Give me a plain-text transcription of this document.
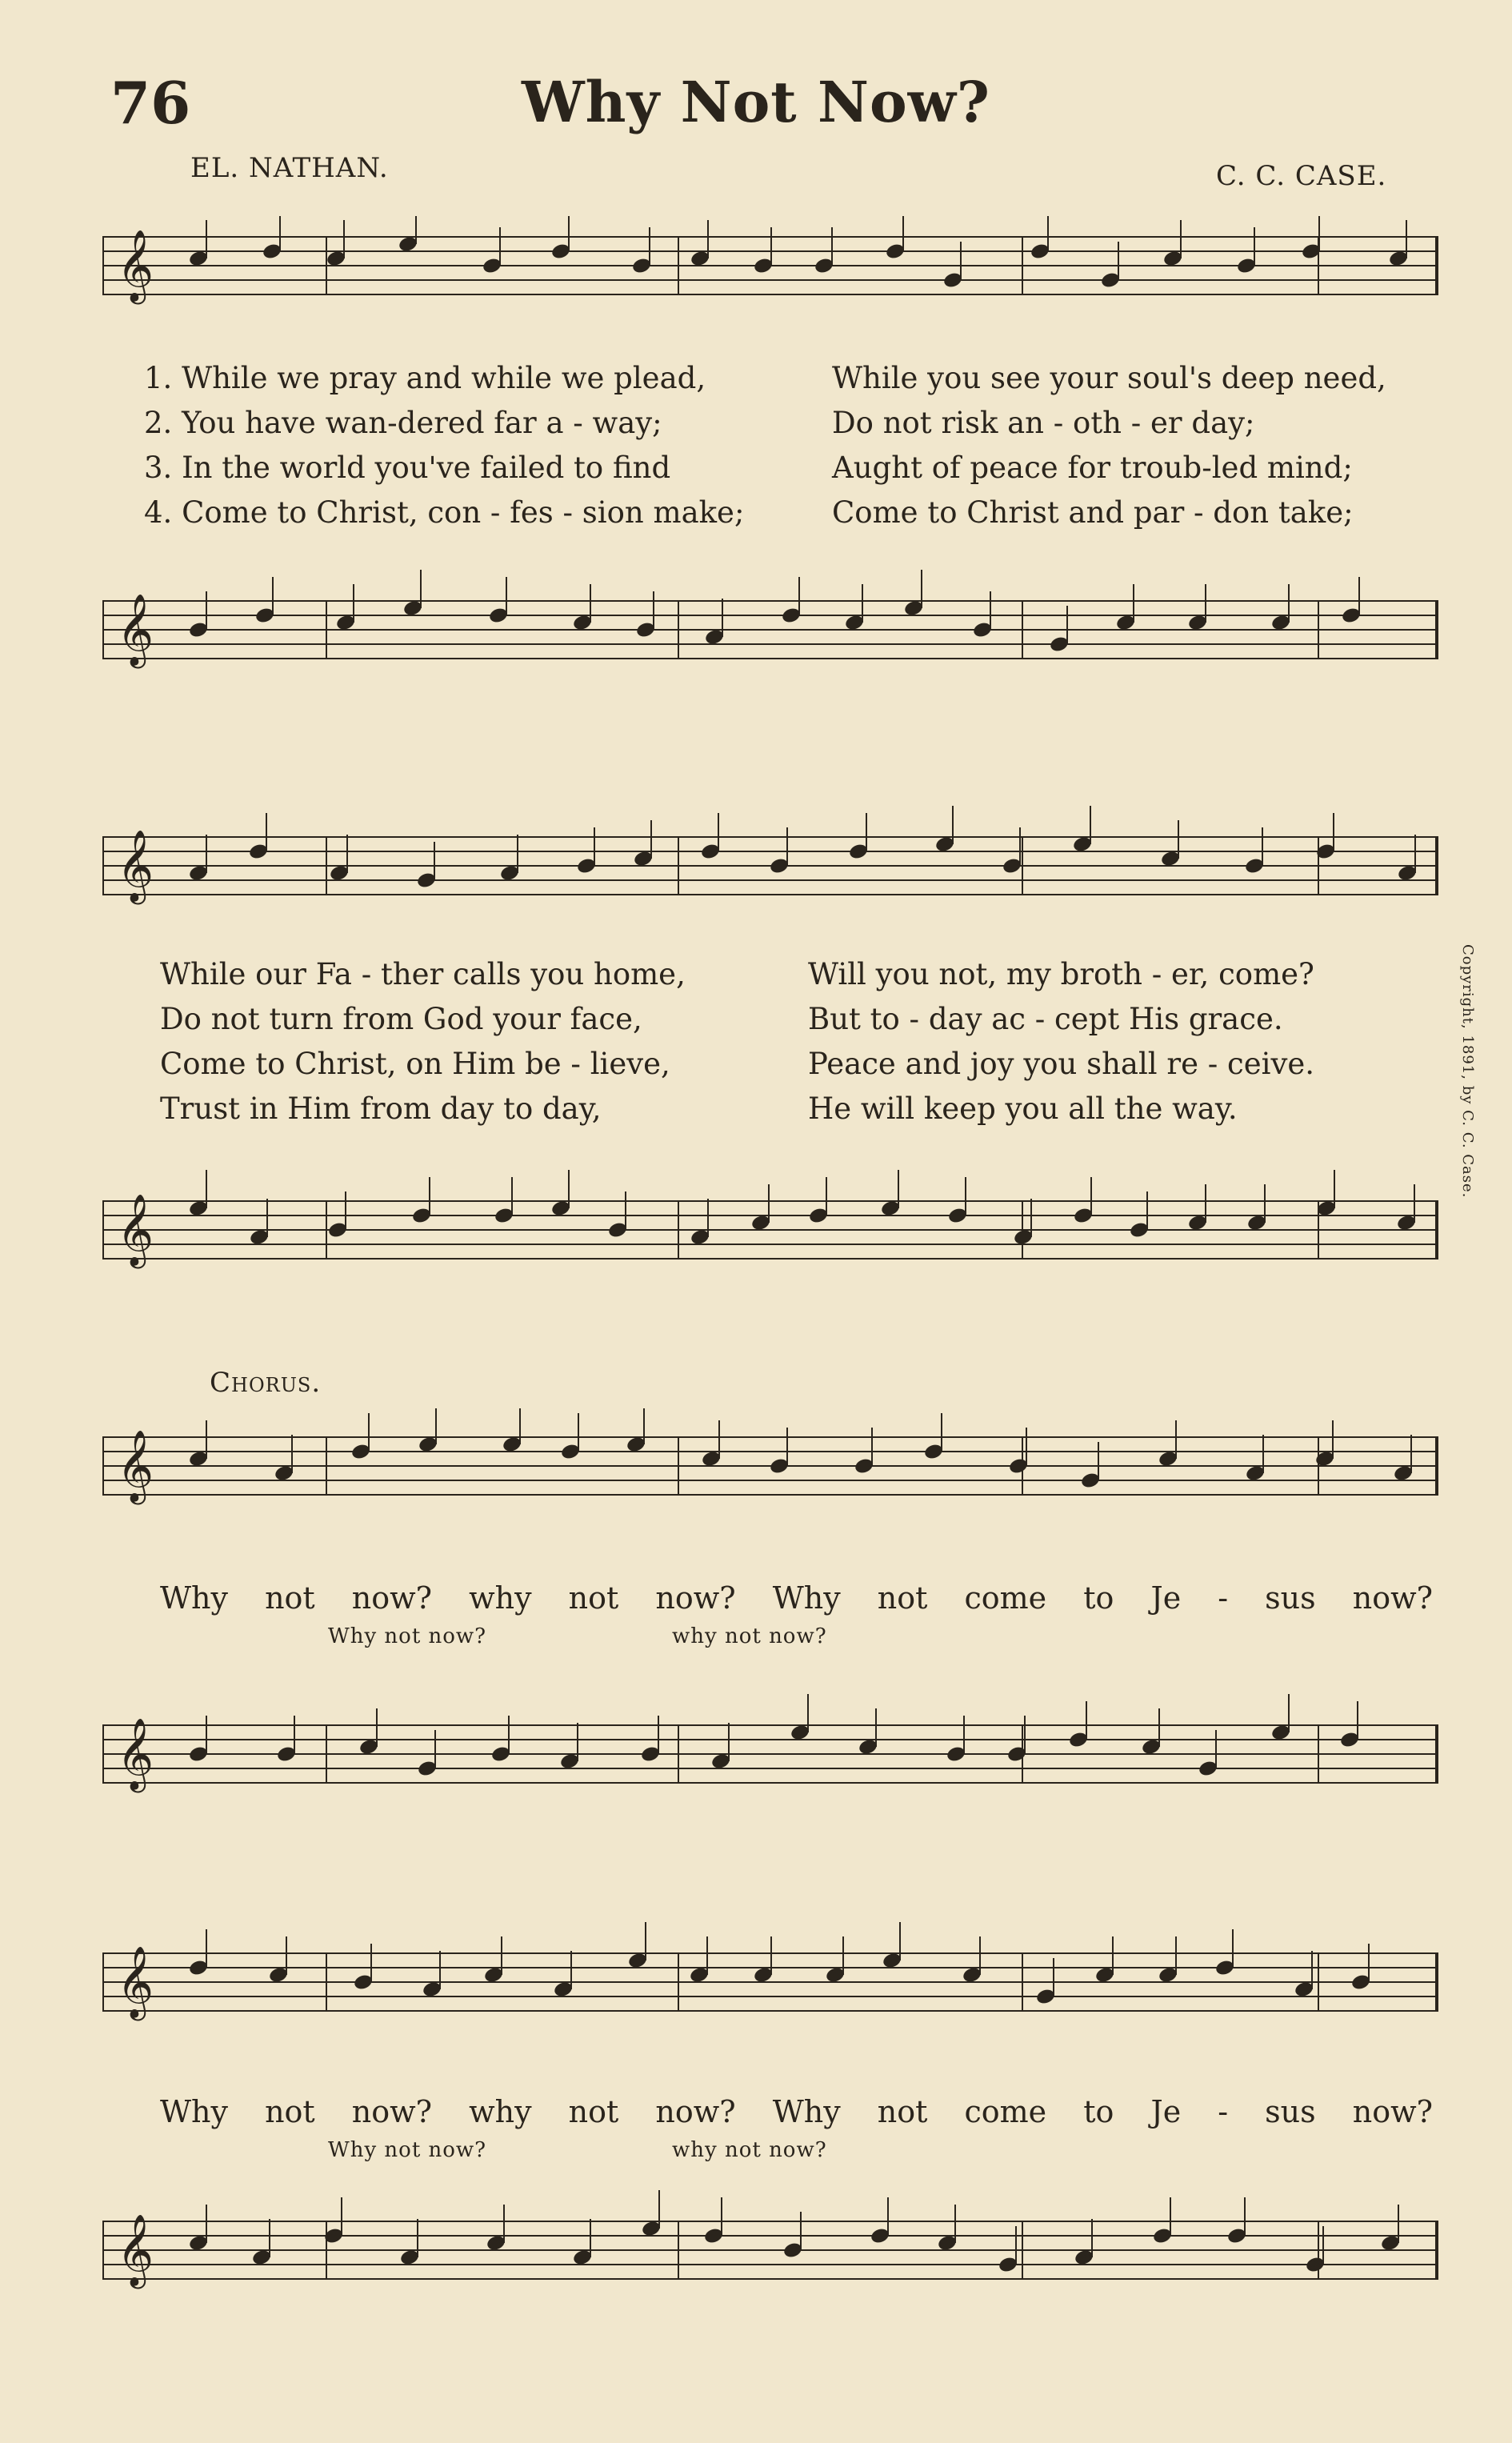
76	Why Not Now?
EL. NATHAN.	C. C. CASE.
𝄞
1. While we pray and while we plead,	While you see your soul's deep need,
2. You have wan-dered far a - way;	Do not risk an - oth - er day;
3. In the world you've failed to find	Aught of peace for troub-led mind;
4. Come to Christ, con - fes - sion make;	Come to Christ and par - don take;
𝄞
𝄞
While our Fa - ther calls you home,	Will you not, my broth - er, come?
Do not turn from God your face,	But to - day ac - cept His grace.
Come to Christ, on Him be - lieve,	Peace and joy you shall re - ceive.
Trust in Him from day to day,	He will keep you all the way.
𝄞
Chorus.
𝄞
Why not now? why not now? Why not come to Je - sus now?
Why not now?	why not now?
𝄞
𝄞
Why not now? why not now? Why not come to Je - sus now?
Why not now?	why not now?
𝄞
Copyright, 1891, by C. C. Case.
